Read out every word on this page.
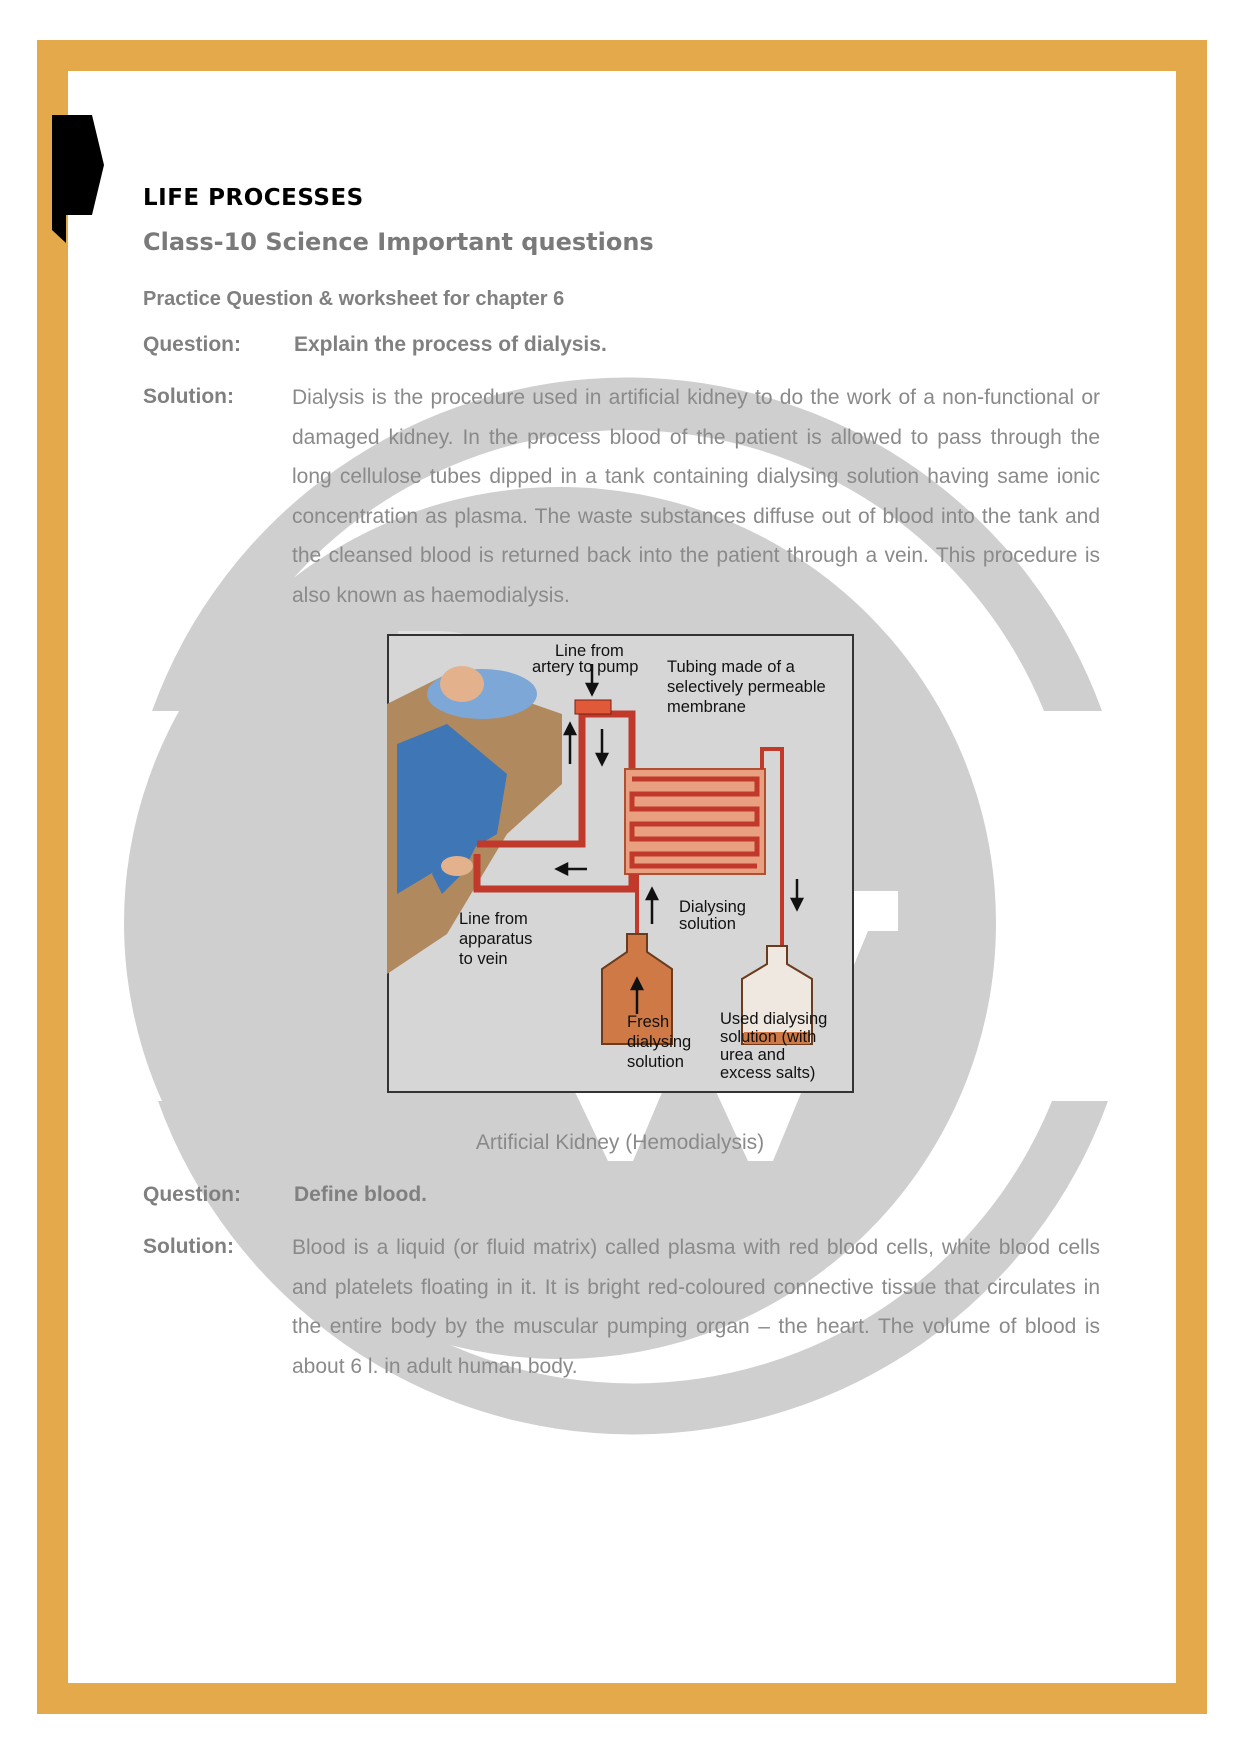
LIFE PROCESSES
Class-10 Science Important questions
Practice Question & worksheet for chapter 6
Question:	Explain the process of dialysis.
Solution:	Dialysis is the procedure used in artificial kidney to do the work of a non-functional or damaged kidney. In the process blood of the patient is allowed to pass through the long cellulose tubes dipped in a tank containing dialysing solution having same ionic concentration as plasma. The waste substances diffuse out of blood into the tank and the cleansed blood is returned back into the patient through a vein. This procedure is also known as haemodialysis.
Line from
artery to pump Tubing made of a
selectively permeable
membrane
Dialysing
solution
Line from
apparatus
to vein
Fresh
dialysing
solution
Used dialysing
solution (with
urea and
excess salts)
Artificial Kidney (Hemodialysis)
Question:	Define blood.
Solution:	Blood is a liquid (or fluid matrix) called plasma with red blood cells, white blood cells and platelets floating in it. It is bright red-coloured connective tissue that circulates in the entire body by the muscular pumping organ – the heart. The volume of blood is about 6 l. in adult human body.
